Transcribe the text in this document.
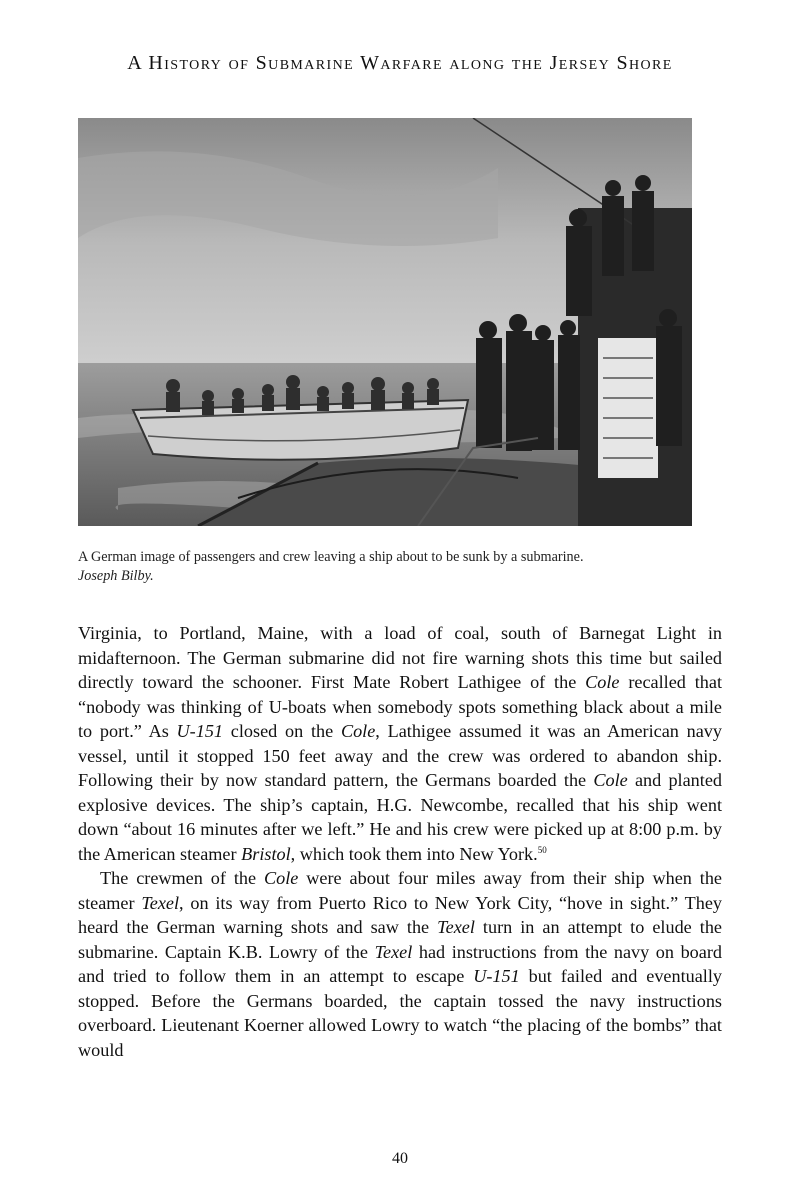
A History of Submarine Warfare along the Jersey Shore
A German image of passengers and crew leaving a ship about to be sunk by a submarine.
Joseph Bilby.

Virginia, to Portland, Maine, with a load of coal, south of Barnegat Light in midafternoon. The German submarine did not fire warning shots this time but sailed directly toward the schooner. First Mate Robert Lathigee of the Cole recalled that “nobody was thinking of U-boats when somebody spots something black about a mile to port.” As U-151 closed on the Cole, Lathigee assumed it was an American navy vessel, until it stopped 150 feet away and the crew was ordered to abandon ship. Following their by now standard pattern, the Germans boarded the Cole and planted explosive devices. The ship’s captain, H.G. Newcombe, recalled that his ship went down “about 16 minutes after we left.” He and his crew were picked up at 8:00 p.m. by the American steamer Bristol, which took them into New York.$^{50}$

The crewmen of the Cole were about four miles away from their ship when the steamer Texel, on its way from Puerto Rico to New York City, “hove in sight.” They heard the German warning shots and saw the Texel turn in an attempt to elude the submarine. Captain K.B. Lowry of the Texel had instructions from the navy on board and tried to follow them in an attempt to escape U-151 but failed and eventually stopped. Before the Germans boarded, the captain tossed the navy instructions overboard. Lieutenant Koerner allowed Lowry to watch “the placing of the bombs” that would

40
